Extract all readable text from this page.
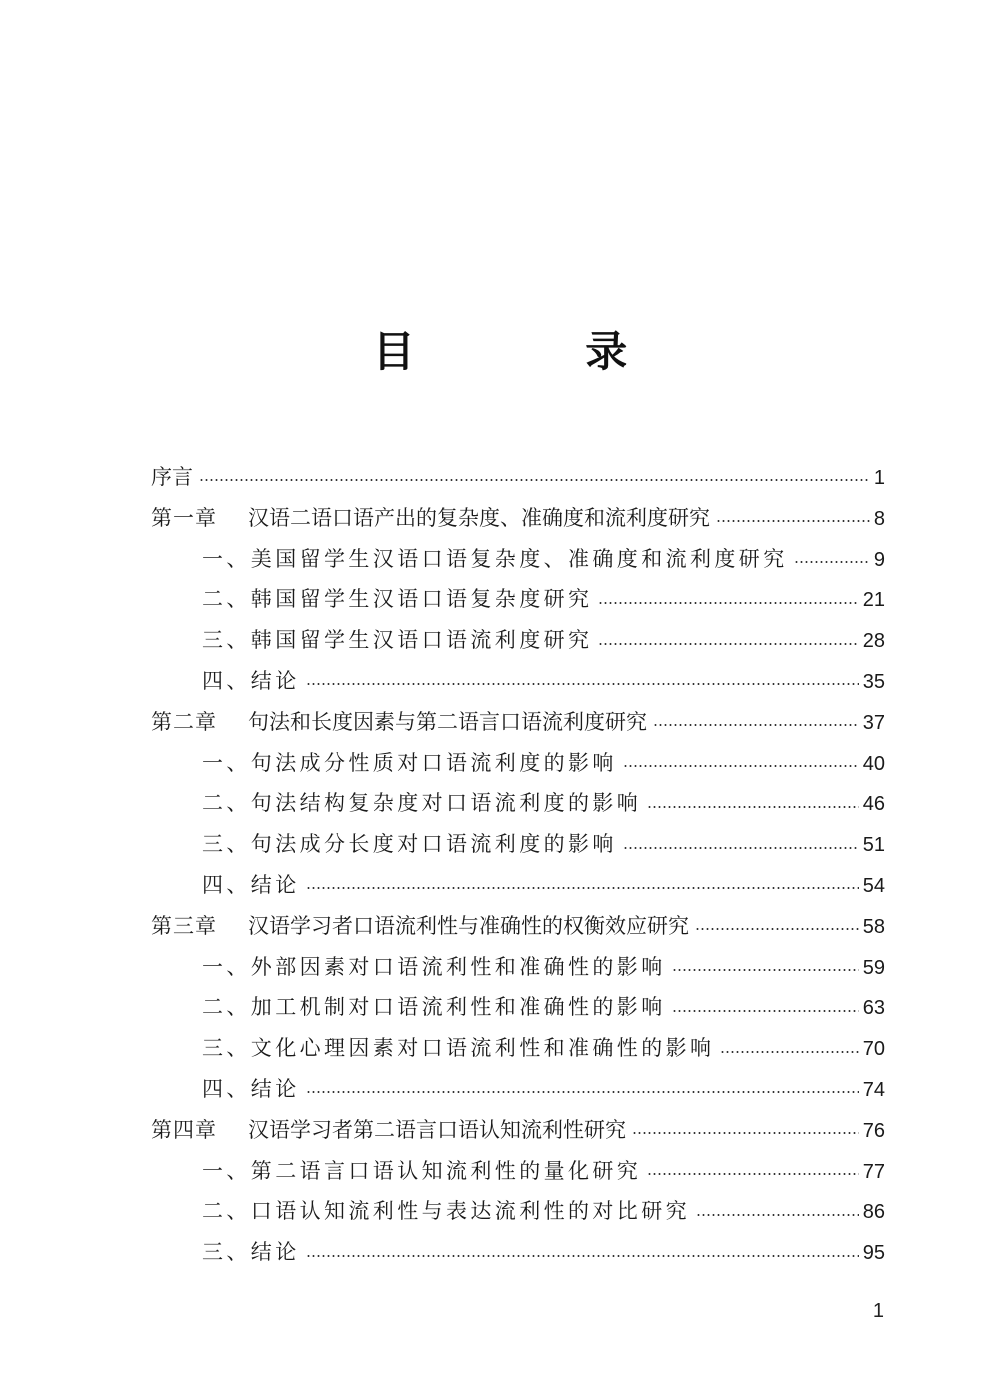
目 录
序言	1
第一章	汉语二语口语产出的复杂度、准确度和流利度研究	8
一、美国留学生汉语口语复杂度、准确度和流利度研究	9
二、韩国留学生汉语口语复杂度研究	21
三、韩国留学生汉语口语流利度研究	28
四、结论	35
第二章	句法和长度因素与第二语言口语流利度研究	37
一、句法成分性质对口语流利度的影响	40
二、句法结构复杂度对口语流利度的影响	46
三、句法成分长度对口语流利度的影响	51
四、结论	54
第三章	汉语学习者口语流利性与准确性的权衡效应研究	58
一、外部因素对口语流利性和准确性的影响	59
二、加工机制对口语流利性和准确性的影响	63
三、文化心理因素对口语流利性和准确性的影响	70
四、结论	74
第四章	汉语学习者第二语言口语认知流利性研究	76
一、第二语言口语认知流利性的量化研究	77
二、口语认知流利性与表达流利性的对比研究	86
三、结论	95
1
